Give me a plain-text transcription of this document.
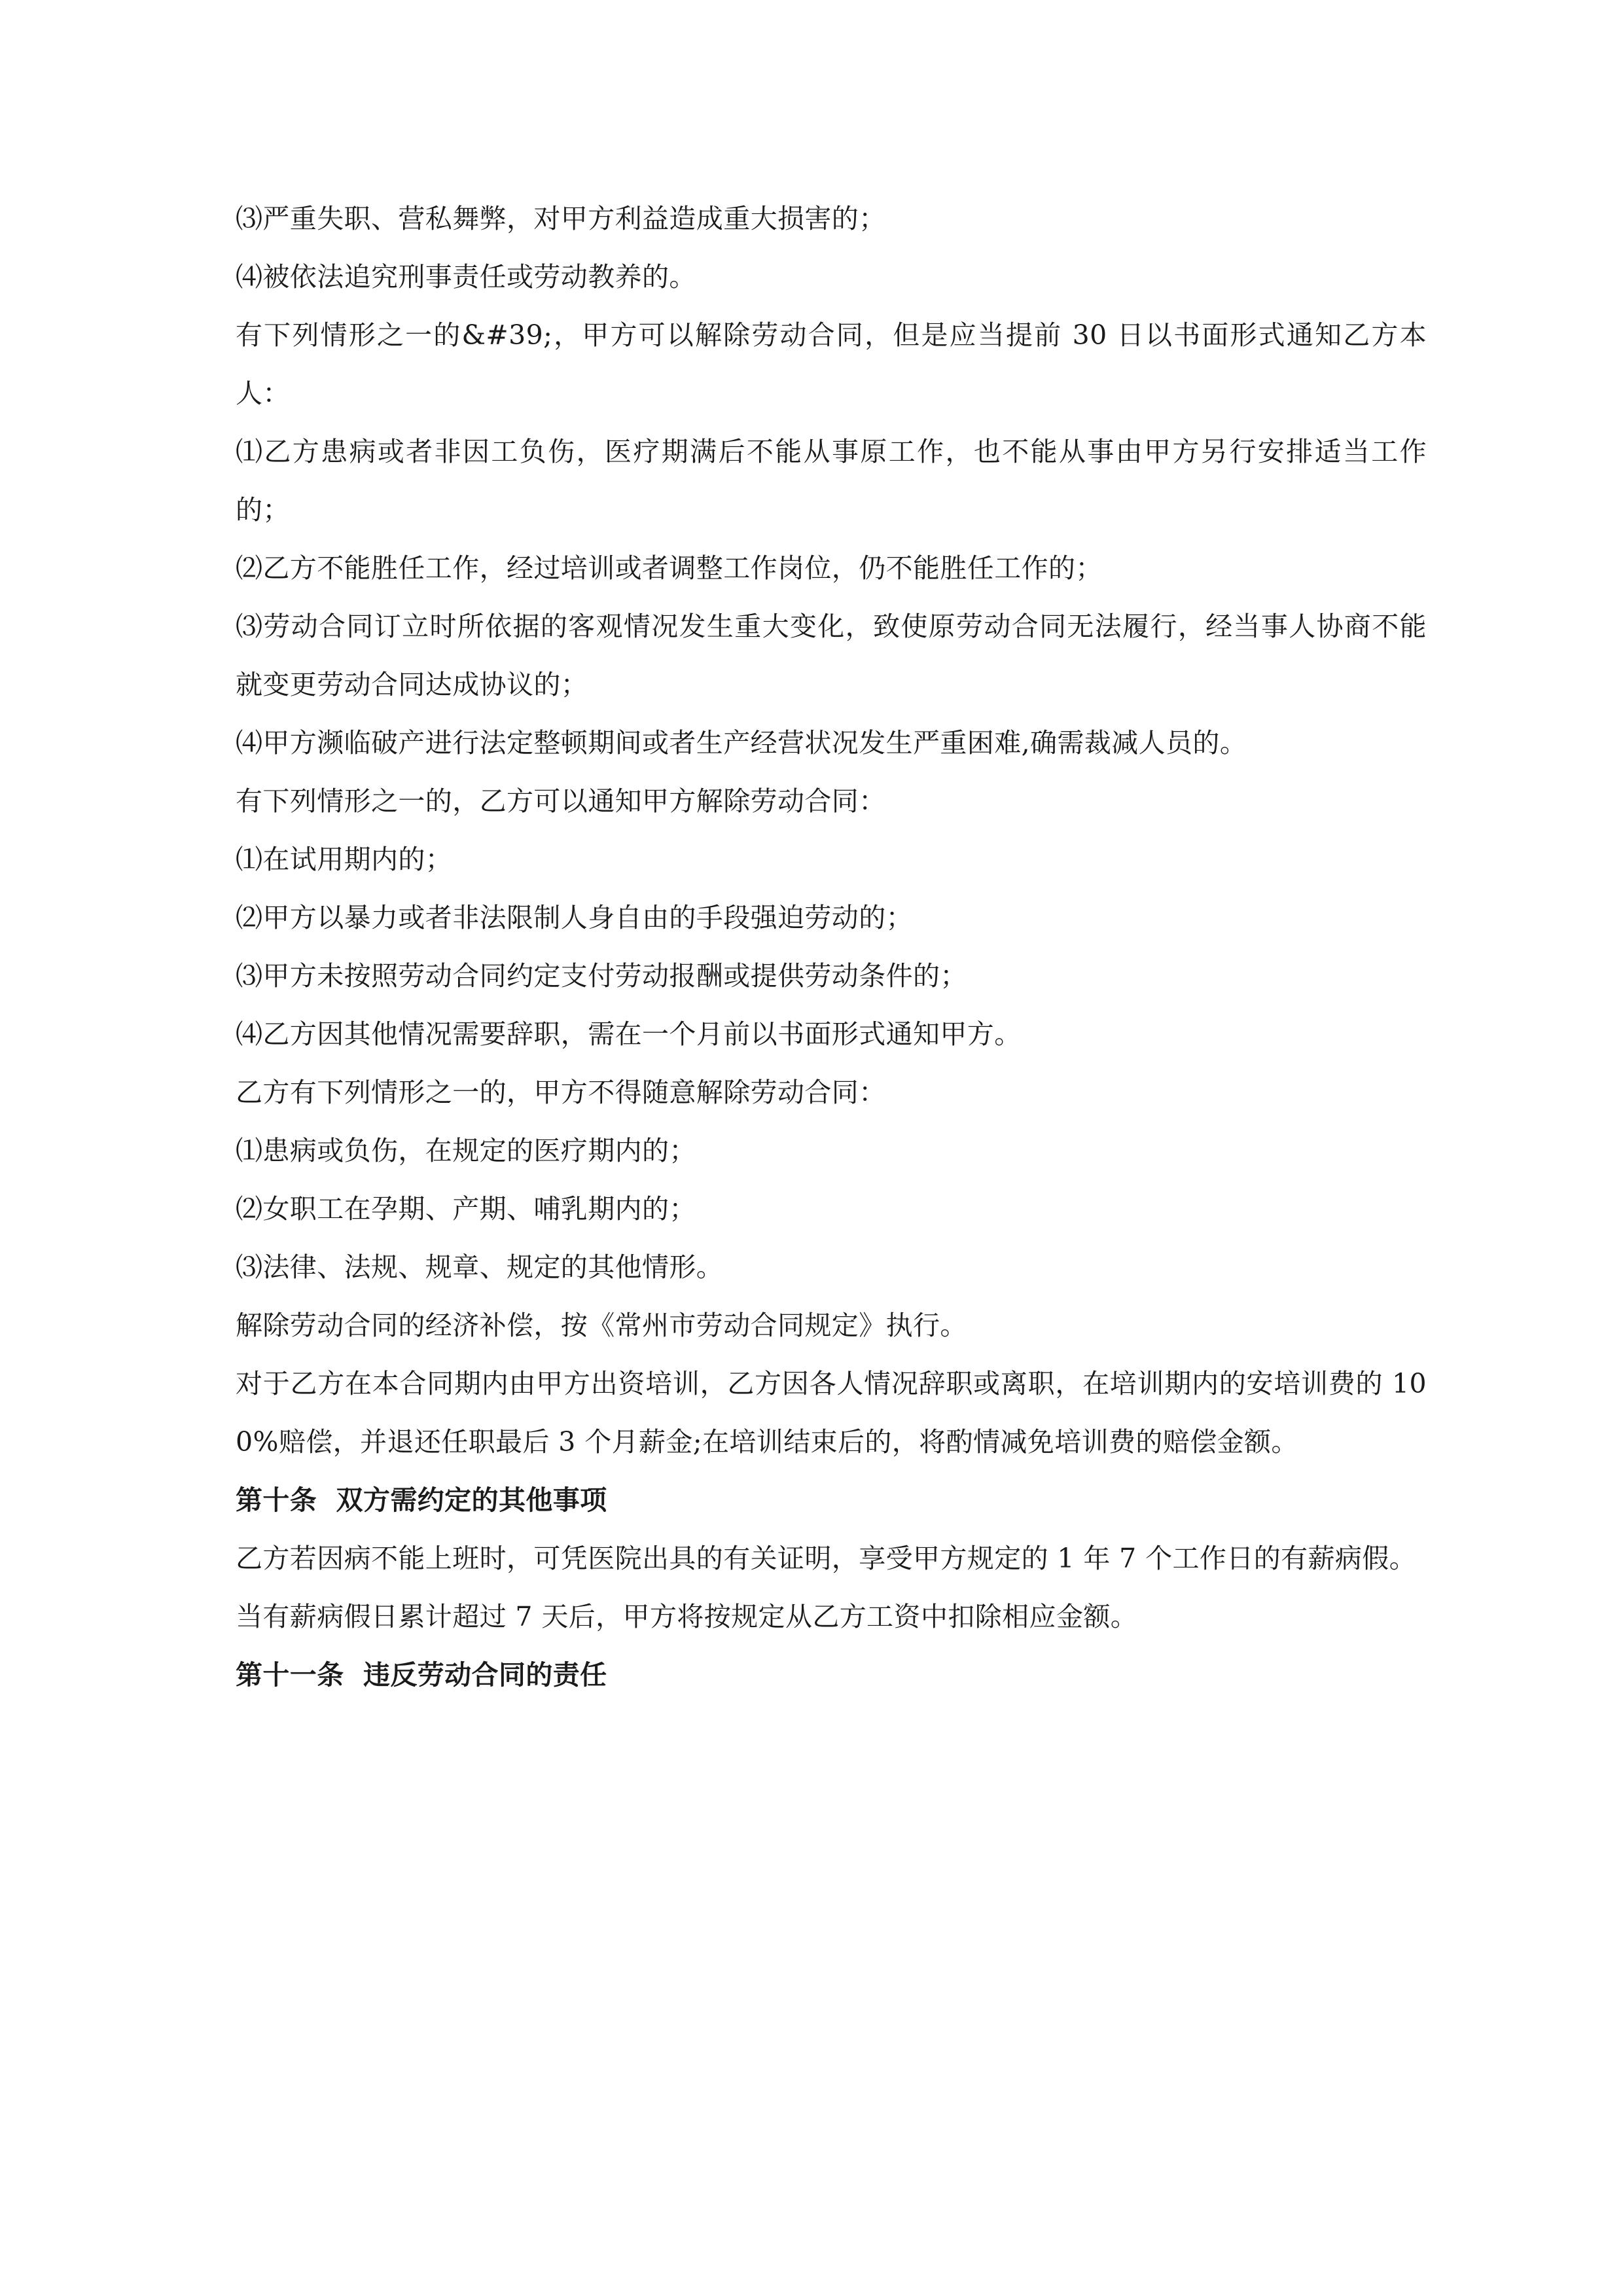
⑶严重失职、营私舞弊，对甲方利益造成重大损害的；

⑷被依法追究刑事责任或劳动教养的。

有下列情形之一的&#39;，甲方可以解除劳动合同，但是应当提前 30 日以书面形式通知乙方本人：

⑴乙方患病或者非因工负伤，医疗期满后不能从事原工作，也不能从事由甲方另行安排适当工作的；

⑵乙方不能胜任工作，经过培训或者调整工作岗位，仍不能胜任工作的；

⑶劳动合同订立时所依据的客观情况发生重大变化，致使原劳动合同无法履行，经当事人协商不能就变更劳动合同达成协议的；

⑷甲方濒临破产进行法定整顿期间或者生产经营状况发生严重困难,确需裁减人员的。

有下列情形之一的，乙方可以通知甲方解除劳动合同：

⑴在试用期内的；

⑵甲方以暴力或者非法限制人身自由的手段强迫劳动的；

⑶甲方未按照劳动合同约定支付劳动报酬或提供劳动条件的；

⑷乙方因其他情况需要辞职，需在一个月前以书面形式通知甲方。

乙方有下列情形之一的，甲方不得随意解除劳动合同：

⑴患病或负伤，在规定的医疗期内的；

⑵女职工在孕期、产期、哺乳期内的；

⑶法律、法规、规章、规定的其他情形。

解除劳动合同的经济补偿，按《常州市劳动合同规定》执行。

对于乙方在本合同期内由甲方出资培训，乙方因各人情况辞职或离职，在培训期内的安培训费的 100%赔偿，并退还任职最后 3 个月薪金;在培训结束后的，将酌情减免培训费的赔偿金额。

第十条  双方需约定的其他事项

乙方若因病不能上班时，可凭医院出具的有关证明，享受甲方规定的 1 年 7 个工作日的有薪病假。

当有薪病假日累计超过 7 天后，甲方将按规定从乙方工资中扣除相应金额。

第十一条  违反劳动合同的责任
